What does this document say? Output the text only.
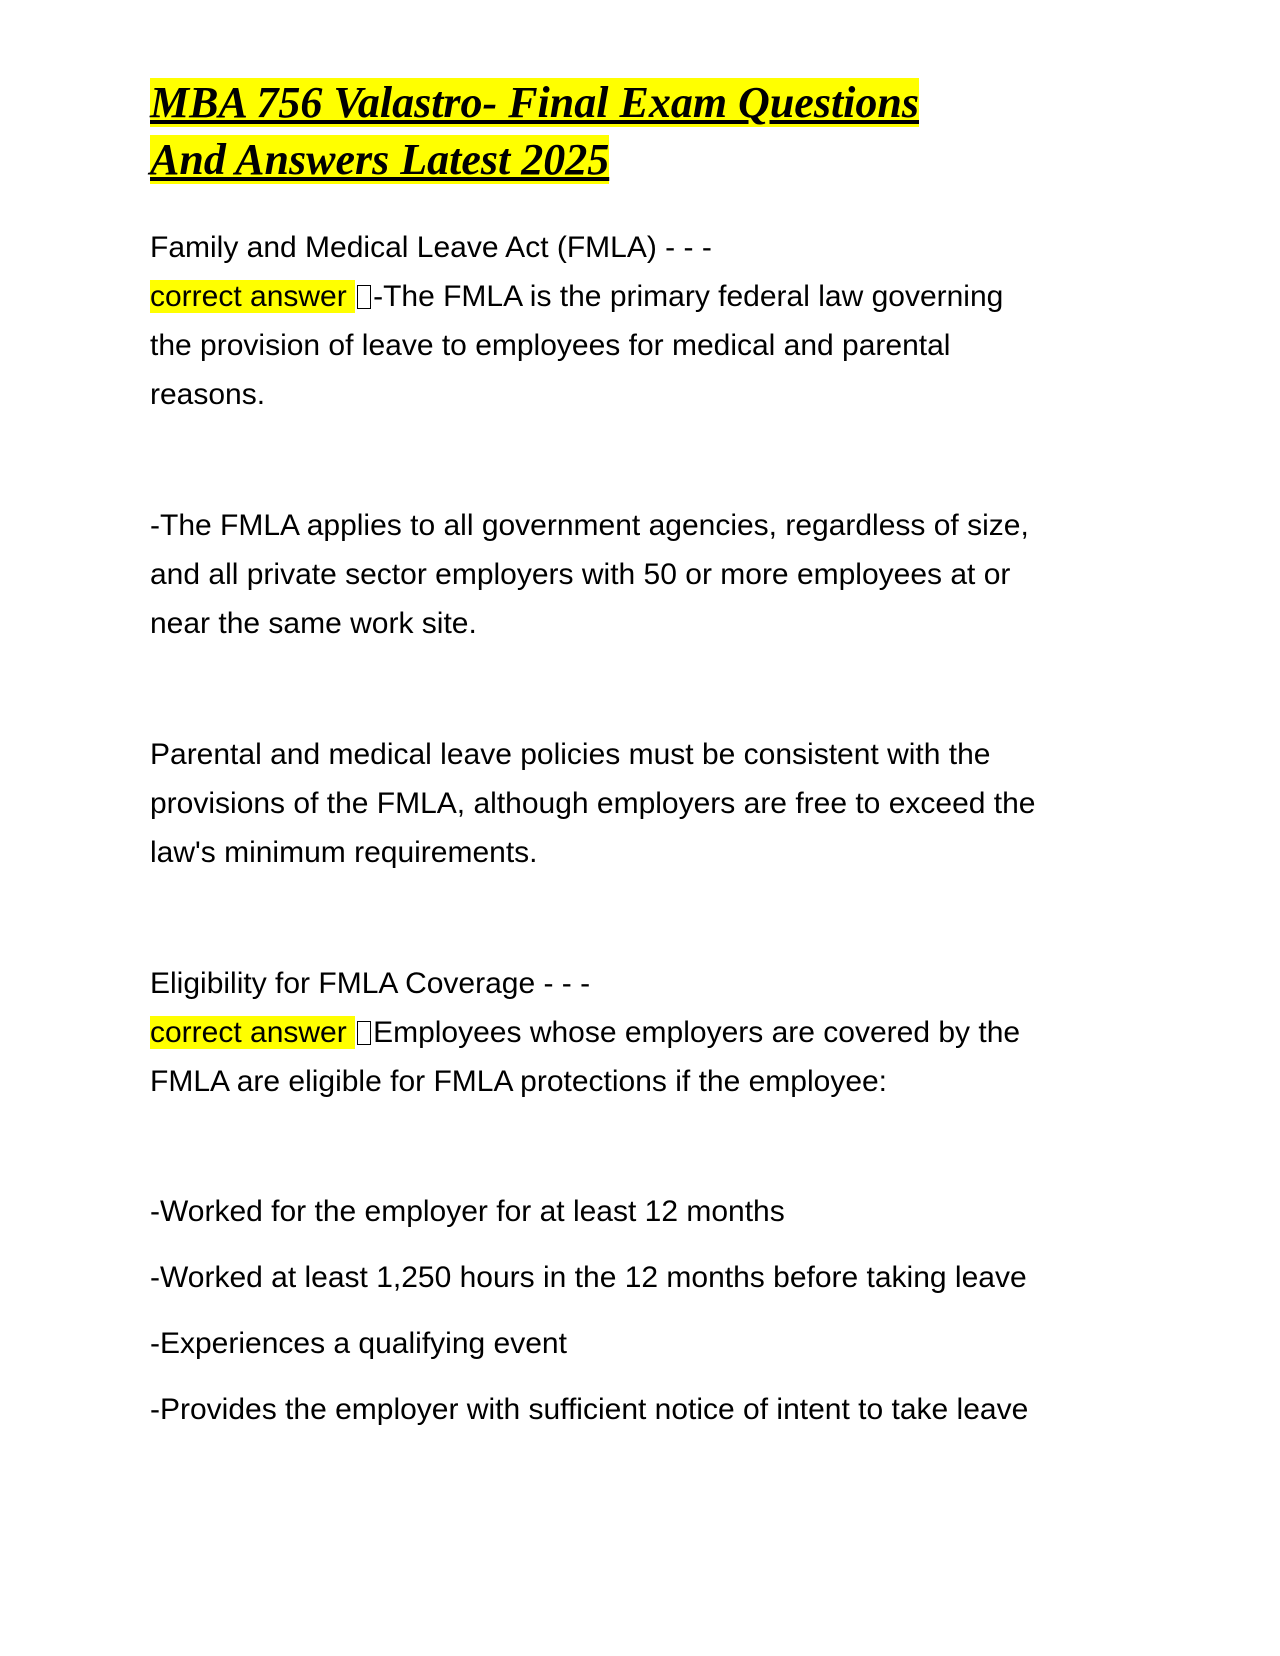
MBA 756 Valastro- Final Exam Questions
And Answers Latest 2025

Family and Medical Leave Act (FMLA) - - -
correct answer -The FMLA is the primary federal law governing
the provision of leave to employees for medical and parental
reasons.

-The FMLA applies to all government agencies, regardless of size,
and all private sector employers with 50 or more employees at or
near the same work site.

Parental and medical leave policies must be consistent with the
provisions of the FMLA, although employers are free to exceed the
law's minimum requirements.

Eligibility for FMLA Coverage - - -
correct answer Employees whose employers are covered by the
FMLA are eligible for FMLA protections if the employee:

-Worked for the employer for at least 12 months

-Worked at least 1,250 hours in the 12 months before taking leave

-Experiences a qualifying event

-Provides the employer with sufficient notice of intent to take leave
